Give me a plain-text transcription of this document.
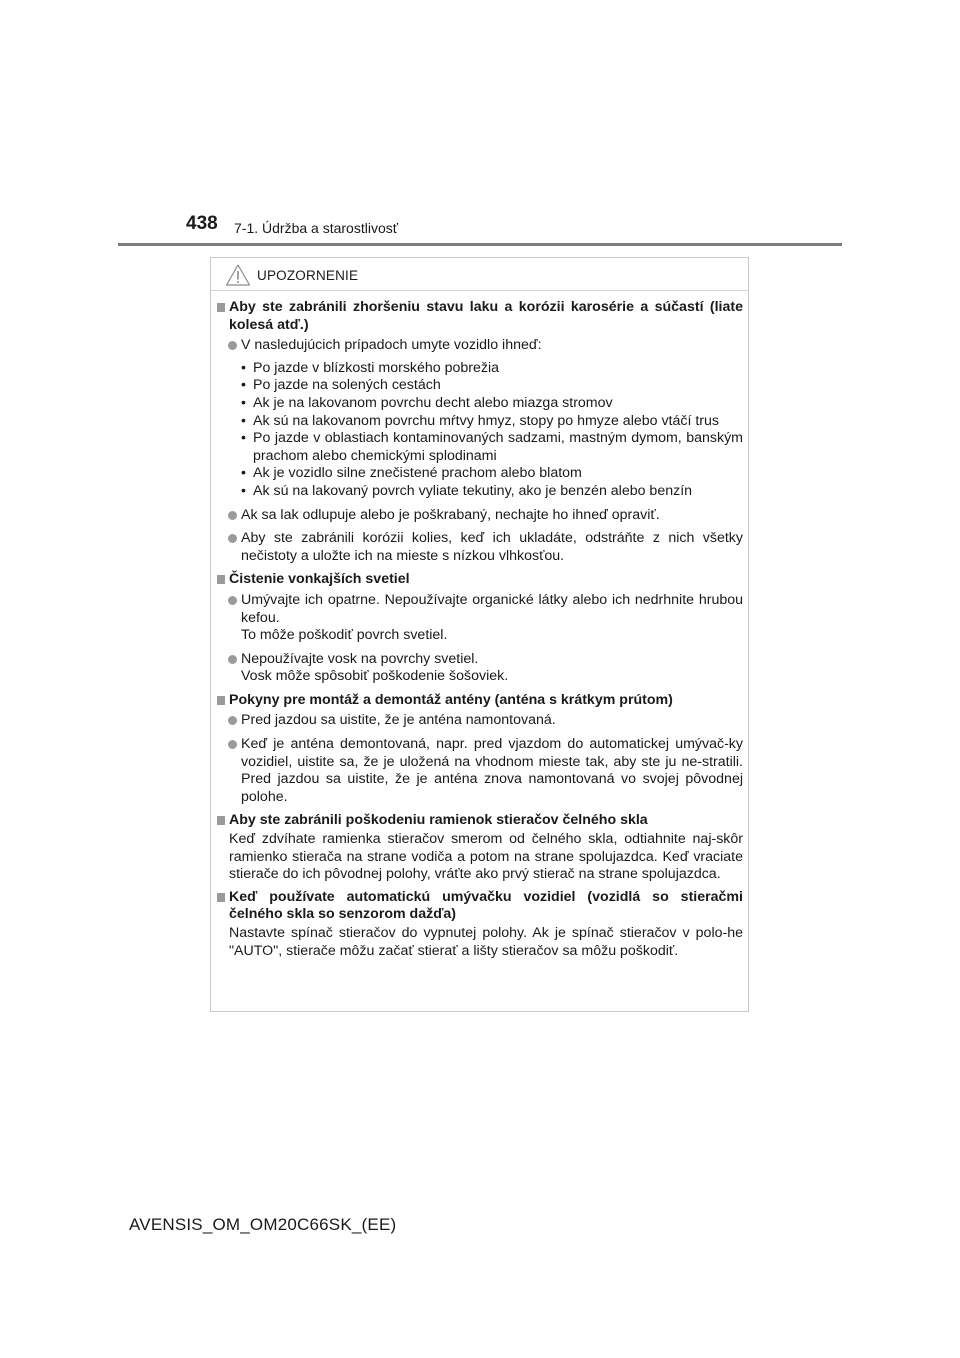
438 7-1. Údržba a starostlivosť
UPOZORNENIE
Aby ste zabránili zhoršeniu stavu laku a korózii karosérie a súčastí (liate kolesá atď.)
V nasledujúcich prípadoch umyte vozidlo ihneď:
• Po jazde v blízkosti morského pobrežia
• Po jazde na solených cestách
• Ak je na lakovanom povrchu decht alebo miazga stromov
• Ak sú na lakovanom povrchu mŕtvy hmyz, stopy po hmyze alebo vtáčí trus
• Po jazde v oblastiach kontaminovaných sadzami, mastným dymom, banským prachom alebo chemickými splodinami
• Ak je vozidlo silne znečistené prachom alebo blatom
• Ak sú na lakovaný povrch vyliate tekutiny, ako je benzén alebo benzín
Ak sa lak odlupuje alebo je poškrabaný, nechajte ho ihneď opraviť.
Aby ste zabránili korózii kolies, keď ich ukladáte, odstráňte z nich všetky nečistoty a uložte ich na mieste s nízkou vlhkosťou.
Čistenie vonkajších svetiel
Umývajte ich opatrne. Nepoužívajte organické látky alebo ich nedrhnite hrubou kefou.
To môže poškodiť povrch svetiel.
Nepoužívajte vosk na povrchy svetiel.
Vosk môže spôsobiť poškodenie šošoviek.
Pokyny pre montáž a demontáž antény (anténa s krátkym prútom)
Pred jazdou sa uistite, že je anténa namontovaná.
Keď je anténa demontovaná, napr. pred vjazdom do automatickej umývač-ky vozidiel, uistite sa, že je uložená na vhodnom mieste tak, aby ste ju ne-stratili. Pred jazdou sa uistite, že je anténa znova namontovaná vo svojej pôvodnej polohe.
Aby ste zabránili poškodeniu ramienok stieračov čelného skla
Keď zdvíhate ramienka stieračov smerom od čelného skla, odtiahnite naj-skôr ramienko stierača na strane vodiča a potom na strane spolujazdca. Keď vraciate stierače do ich pôvodnej polohy, vráťte ako prvý stierač na strane spolujazdca.
Keď používate automatickú umývačku vozidiel (vozidlá so stieračmi čelného skla so senzorom dažďa)
Nastavte spínač stieračov do vypnutej polohy. Ak je spínač stieračov v polo-he "AUTO", stierače môžu začať stierať a lišty stieračov sa môžu poškodiť.
AVENSIS_OM_OM20C66SK_(EE)
